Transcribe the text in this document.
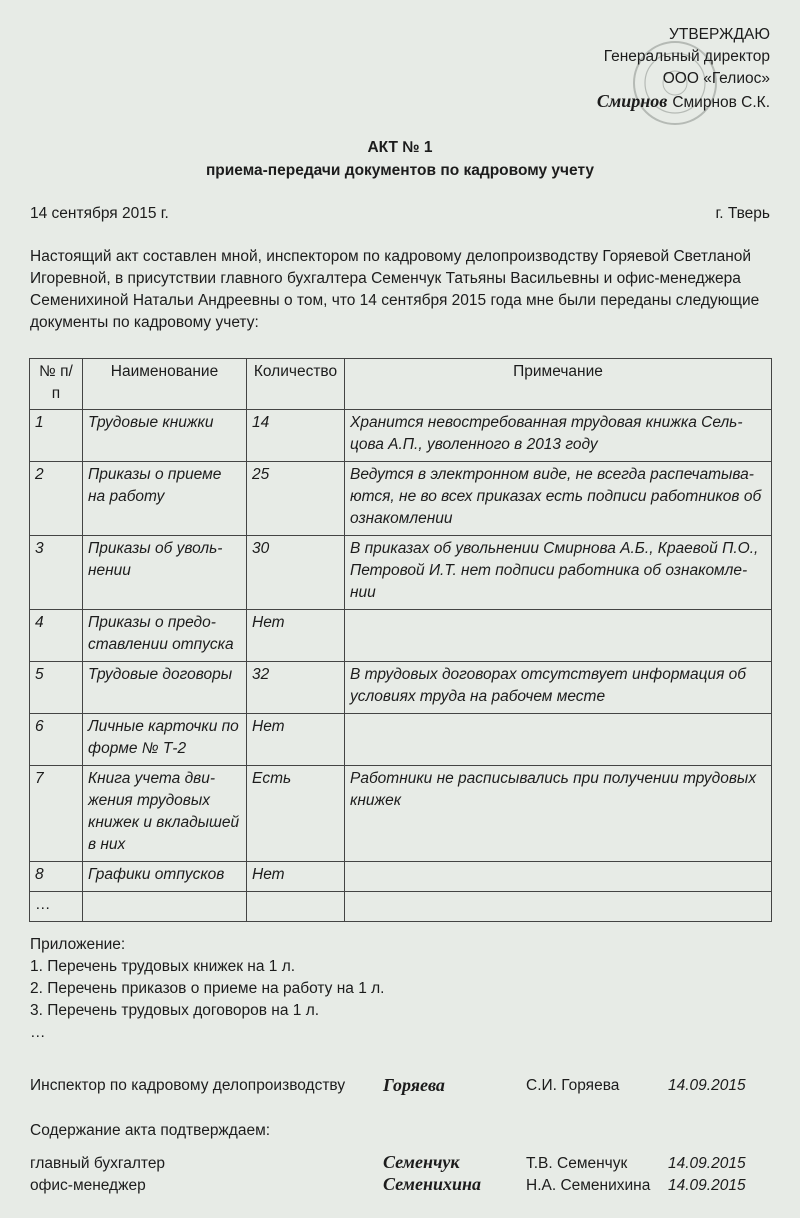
УТВЕРЖДАЮ
Генеральный директор
ООО «Гелиос»
Смирнов Смирнов С.К.
АКТ № 1
приема-передачи документов по кадровому учету
14 сентября 2015 г.	г. Тверь
Настоящий акт составлен мной, инспектором по кадровому делопроизводству Горяевой Светланой Игоревной, в присутствии главного бухгалтера Семенчук Татьяны Васильевны и офис-менеджера Семенихиной Натальи Андреевны о том, что 14 сентября 2015 года мне были переданы следующие документы по кадровому учету:
№ п/п	Наименование	Количество	Примечание
1	Трудовые книжки	14	Хранится невостребованная трудовая книжка Сель-цова А.П., уволенного в 2013 году
2	Приказы о приеме на работу	25	Ведутся в электронном виде, не всегда распечатыва-ются, не во всех приказах есть подписи работников об ознакомлении
3	Приказы об уволь-нении	30	В приказах об увольнении Смирнова А.Б., Краевой П.О., Петровой И.Т. нет подписи работника об ознакомле-нии
4	Приказы о предо-ставлении отпуска	Нет	
5	Трудовые договоры	32	В трудовых договорах отсутствует информация об условиях труда на рабочем месте
6	Личные карточки по форме № Т-2	Нет	
7	Книга учета дви-жения трудовых книжек и вкладышей в них	Есть	Работники не расписывались при получении трудовых книжек
8	Графики отпусков	Нет	
…			
Приложение:
1. Перечень трудовых книжек на 1 л.
2. Перечень приказов о приеме на работу на 1 л.
3. Перечень трудовых договоров на 1 л.
…
Инспектор по кадровому делопроизводству Горяева	С.И. Горяева	14.09.2015
Содержание акта подтверждаем:
главный бухгалтер	Семенчук	Т.В. Семенчук	14.09.2015
офис-менеджер	Семенихина	Н.А. Семенихина 14.09.2015
